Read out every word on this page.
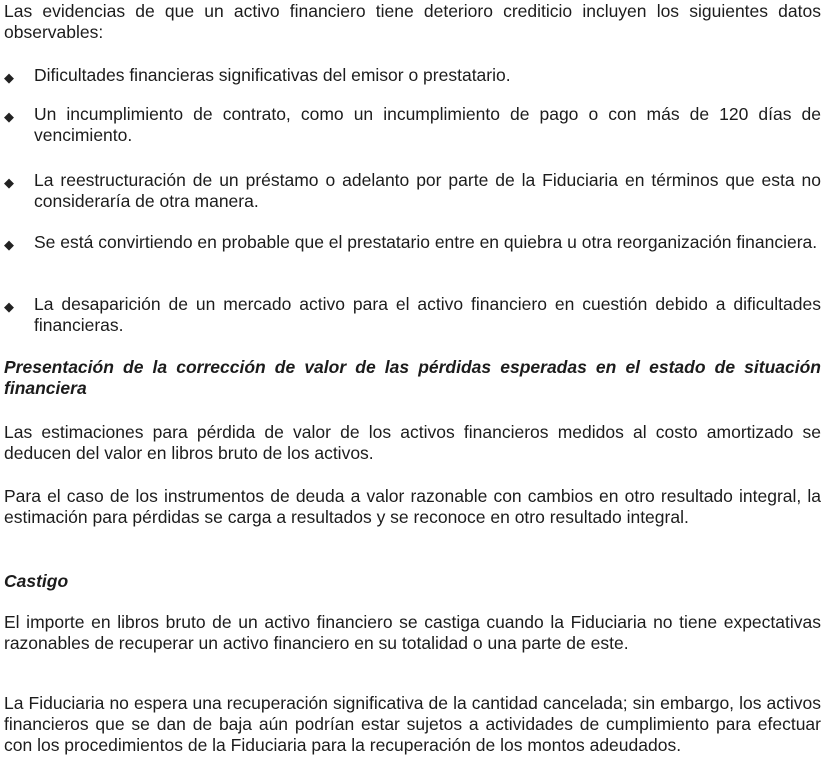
Las evidencias de que un activo financiero tiene deterioro crediticio incluyen los siguientes datos observables:

◆	Dificultades financieras significativas del emisor o prestatario.
◆	Un incumplimiento de contrato, como un incumplimiento de pago o con más de 120 días de vencimiento.
◆	La reestructuración de un préstamo o adelanto por parte de la Fiduciaria en términos que esta no consideraría de otra manera.
◆	Se está convirtiendo en probable que el prestatario entre en quiebra u otra reorganización financiera.
◆	La desaparición de un mercado activo para el activo financiero en cuestión debido a dificultades financieras.
Presentación de la corrección de valor de las pérdidas esperadas en el estado de situación financiera

Las estimaciones para pérdida de valor de los activos financieros medidos al costo amortizado se deducen del valor en libros bruto de los activos.

Para el caso de los instrumentos de deuda a valor razonable con cambios en otro resultado integral, la estimación para pérdidas se carga a resultados y se reconoce en otro resultado integral.

Castigo

El importe en libros bruto de un activo financiero se castiga cuando la Fiduciaria no tiene expectativas razonables de recuperar un activo financiero en su totalidad o una parte de este.

La Fiduciaria no espera una recuperación significativa de la cantidad cancelada; sin embargo, los activos financieros que se dan de baja aún podrían estar sujetos a actividades de cumplimiento para efectuar con los procedimientos de la Fiduciaria para la recuperación de los montos adeudados.
